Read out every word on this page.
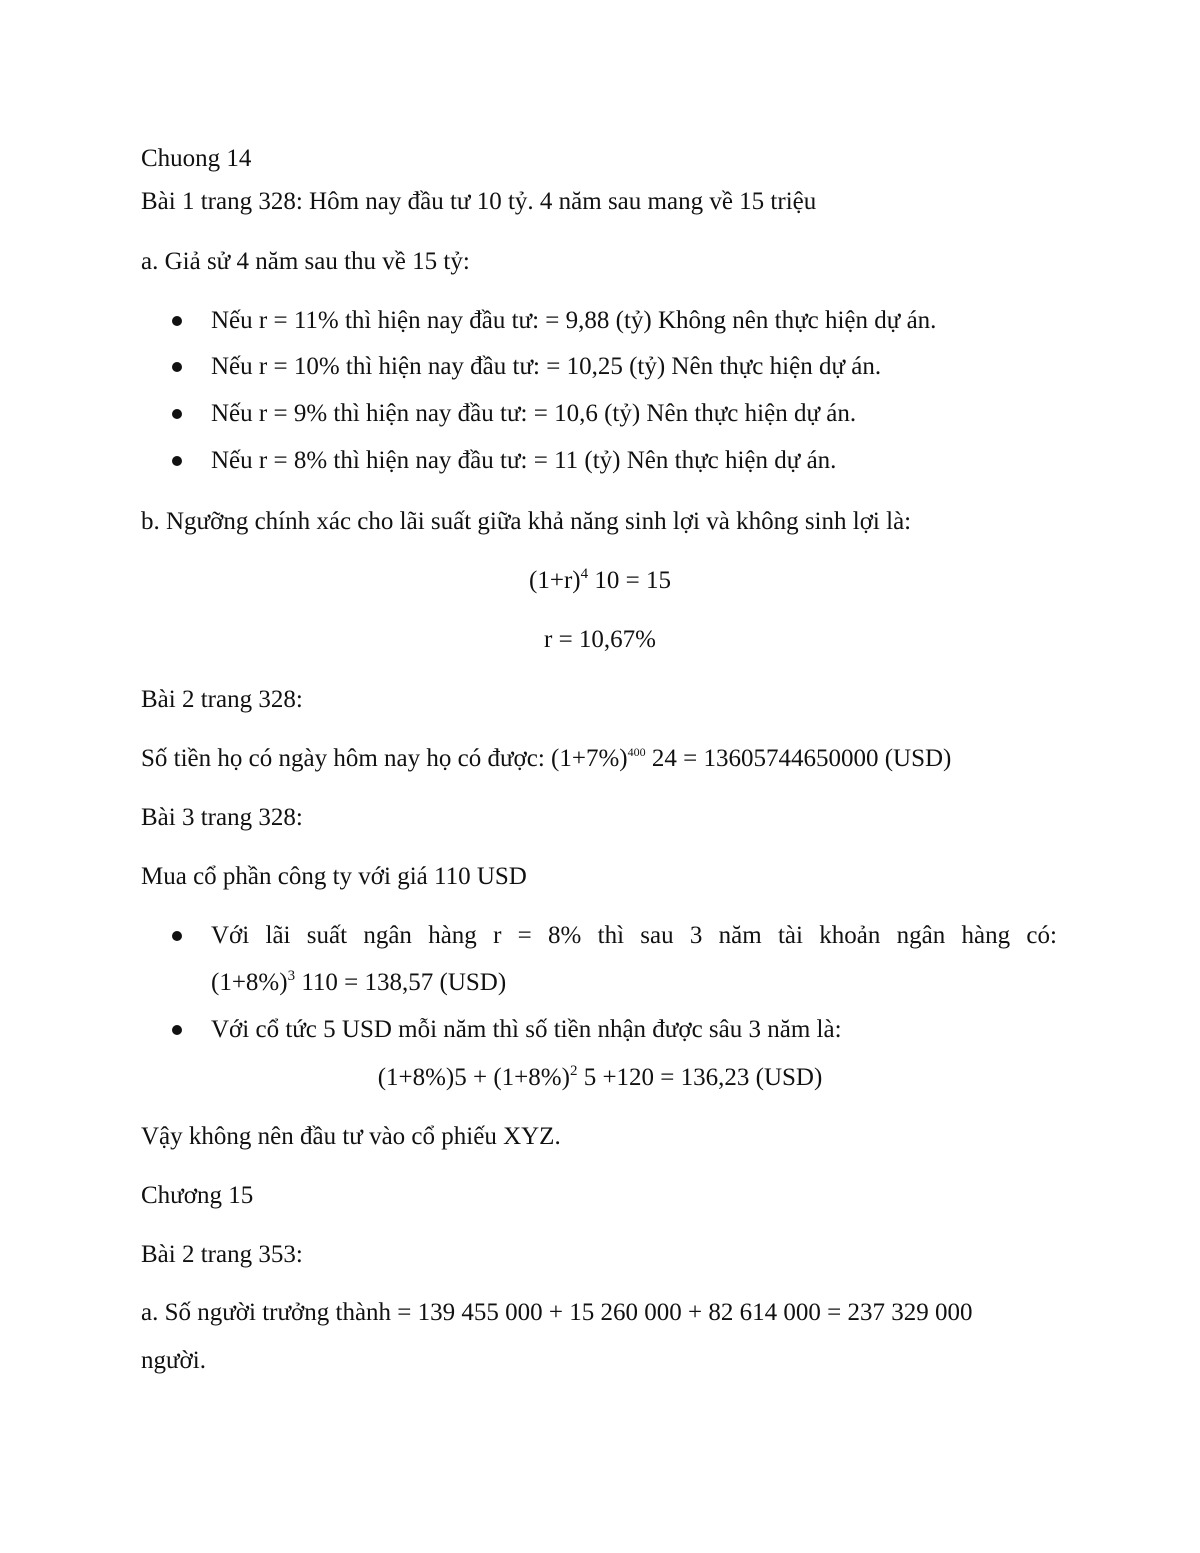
Chuong 14
Bài 1 trang 328: Hôm nay đầu tư 10 tỷ. 4 năm sau mang về 15 triệu
a. Giả sử 4 năm sau thu về 15 tỷ:
Nếu r = 11% thì hiện nay đầu tư: = 9,88 (tỷ) Không nên thực hiện dự án.
Nếu r = 10% thì hiện nay đầu tư: = 10,25 (tỷ) Nên thực hiện dự án.
Nếu r = 9% thì hiện nay đầu tư: = 10,6 (tỷ) Nên thực hiện dự án.
Nếu r = 8% thì hiện nay đầu tư: = 11 (tỷ) Nên thực hiện dự án.
b. Ngưỡng chính xác cho lãi suất giữa khả năng sinh lợi và không sinh lợi là:
$(1+r)^4$ 10 = 15
r = 10,67%
Bài 2 trang 328:
Số tiền họ có ngày hôm nay họ có được: $(1+7\%)^{400}$ 24 = 13605744650000 (USD)
Bài 3 trang 328:
Mua cổ phần công ty với giá 110 USD
Với lãi suất ngân hàng r = 8% thì sau 3 năm tài khoản ngân hàng có:
$(1+8\%)^3$ 110 = 138,57 (USD)
Với cổ tức 5 USD mỗi năm thì số tiền nhận được sâu 3 năm là:
$(1+8\%)5 + (1+8\%)^2$ 5 +120 = 136,23 (USD)
Vậy không nên đầu tư vào cổ phiếu XYZ.
Chương 15
Bài 2 trang 353:
a. Số người trưởng thành = 139 455 000 + 15 260 000 + 82 614 000 = 237 329 000
người.
